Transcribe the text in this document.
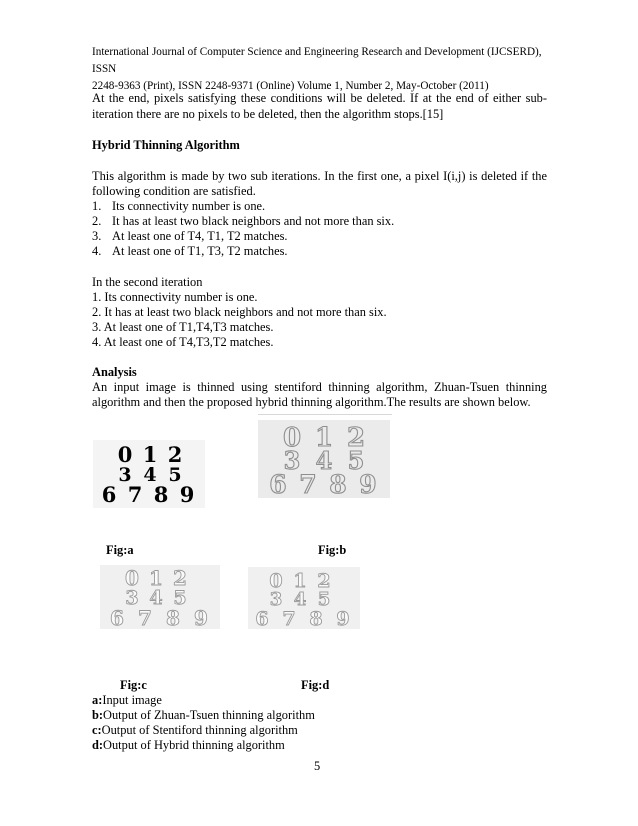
International Journal of Computer Science and Engineering Research and Development (IJCSERD), ISSN
2248-9363 (Print), ISSN 2248-9371 (Online) Volume 1, Number 2, May-October (2011)
At the end, pixels satisfying these conditions will be deleted. If at the end of either sub-
iteration there are no pixels to be deleted, then the algorithm stops.[15]
Hybrid Thinning Algorithm
This algorithm is made by two sub iterations. In the first one, a pixel I(i,j) is deleted if the
following condition are satisfied.
1. Its connectivity number is one.
2. It has at least two black neighbors and not more than six.
3. At least one of T4, T1, T2 matches.
4. At least one of T1, T3, T2 matches.
In the second iteration
1. Its connectivity number is one.
2. It has at least two black neighbors and not more than six.
3. At least one of T1,T4,T3 matches.
4. At least one of T4,T3,T2 matches.
Analysis
An input image is thinned using stentiford thinning algorithm, Zhuan-Tsuen thinning
algorithm and then the proposed hybrid thinning algorithm.The results are shown below.
0 1 2
3 4 5
6 7 8 9
0 1 2
3 4 5
6 7 8 9
Fig:a	Fig:b
0 1 2
3 4 5
6 7 8 9
0 1 2
3 4 5
6 7 8 9
Fig:c	Fig:d
a:Input image
b:Output of Zhuan-Tsuen thinning algorithm
c:Output of Stentiford thinning algorithm
d:Output of Hybrid thinning algorithm
5
